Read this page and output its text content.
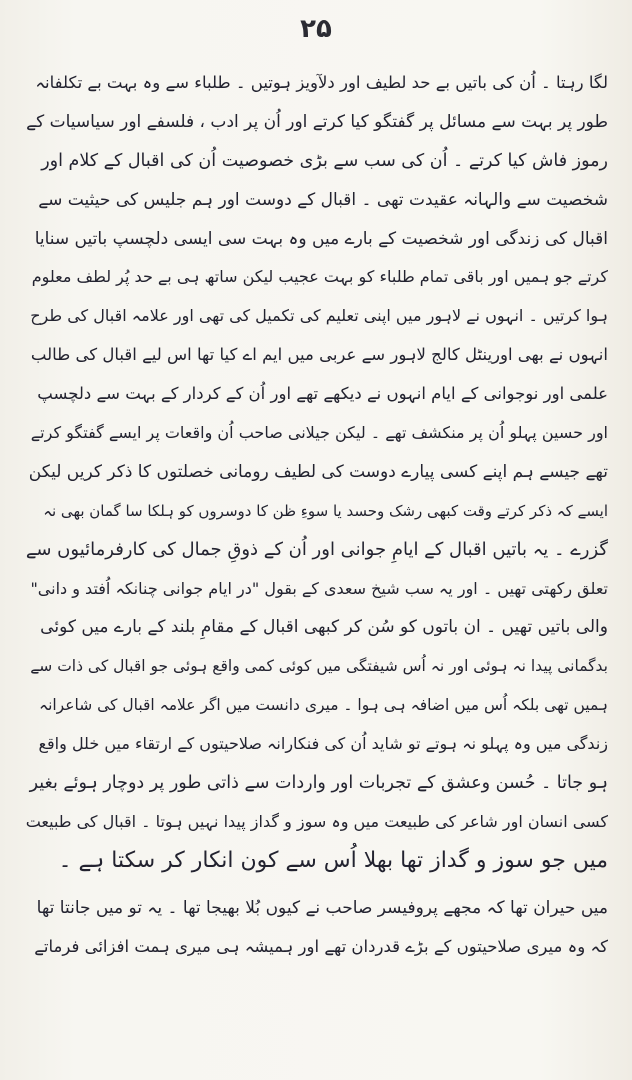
۲۵
لگا رہتا ۔ اُن کی باتیں بے حد لطیف اور دلآویز ہوتیں ۔ طلباء سے وہ بہت بے تکلفانہ
طور پر بہت سے مسائل پر گفتگو کیا کرتے اور اُن پر ادب ، فلسفے اور سیاسیات کے
رموز فاش کیا کرتے ۔ اُن کی سب سے بڑی خصوصیت اُن کی اقبال کے کلام اور
شخصیت سے والہانہ عقیدت تھی ۔ اقبال کے دوست اور ہم جلیس کی حیثیت سے
اقبال کی زندگی اور شخصیت کے بارے میں وہ بہت سی ایسی دلچسپ باتیں سنایا
کرتے جو ہمیں اور باقی تمام طلباء کو بہت عجیب لیکن ساتھ ہی بے حد پُر لطف معلوم
ہوا کرتیں ۔ انہوں نے لاہور میں اپنی تعلیم کی تکمیل کی تھی اور علامہ اقبال کی طرح
انہوں نے بھی اورینٹل کالج لاہور سے عربی میں ایم اے کیا تھا اس لیے اقبال کی طالب
علمی اور نوجوانی کے ایام انہوں نے دیکھے تھے اور اُن کے کردار کے بہت سے دلچسپ
اور حسین پہلو اُن پر منکشف تھے ۔ لیکن جیلانی صاحب اُن واقعات پر ایسے گفتگو کرتے
تھے جیسے ہم اپنے کسی پیارے دوست کی لطیف رومانی خصلتوں کا ذکر کریں لیکن
ایسے کہ ذکر کرتے وقت کبھی رشک وحسد یا سوءِ ظن کا دوسروں کو ہلکا سا گمان بھی نہ
گزرے ۔ یہ باتیں اقبال کے ایامِ جوانی اور اُن کے ذوقِ جمال کی کارفرمائیوں سے
تعلق رکھتی تھیں ۔ اور یہ سب شیخ سعدی کے بقول "در ایام جوانی چنانکہ اُفتد و دانی"
والی باتیں تھیں ۔ ان باتوں کو سُن کر کبھی اقبال کے مقامِ بلند کے بارے میں کوئی
بدگمانی پیدا نہ ہوئی اور نہ اُس شیفتگی میں کوئی کمی واقع ہوئی جو اقبال کی ذات سے
ہمیں تھی بلکہ اُس میں اضافہ ہی ہوا ۔ میری دانست میں اگر علامہ اقبال کی شاعرانہ
زندگی میں وہ پہلو نہ ہوتے تو شاید اُن کی فنکارانہ صلاحیتوں کے ارتقاء میں خلل واقع
ہو جاتا ۔ حُسن وعشق کے تجربات اور واردات سے ذاتی طور پر دوچار ہوئے بغیر
کسی انسان اور شاعر کی طبیعت میں وہ سوز و گداز پیدا نہیں ہوتا ۔ اقبال کی طبیعت
میں جو سوز و گداز تھا بھلا اُس سے کون انکار کر سکتا ہے ۔
میں حیران تھا کہ مجھے پروفیسر صاحب نے کیوں بُلا بھیجا تھا ۔ یہ تو میں جانتا تھا
کہ وہ میری صلاحیتوں کے بڑے قدردان تھے اور ہمیشہ ہی میری ہمت افزائی فرماتے
